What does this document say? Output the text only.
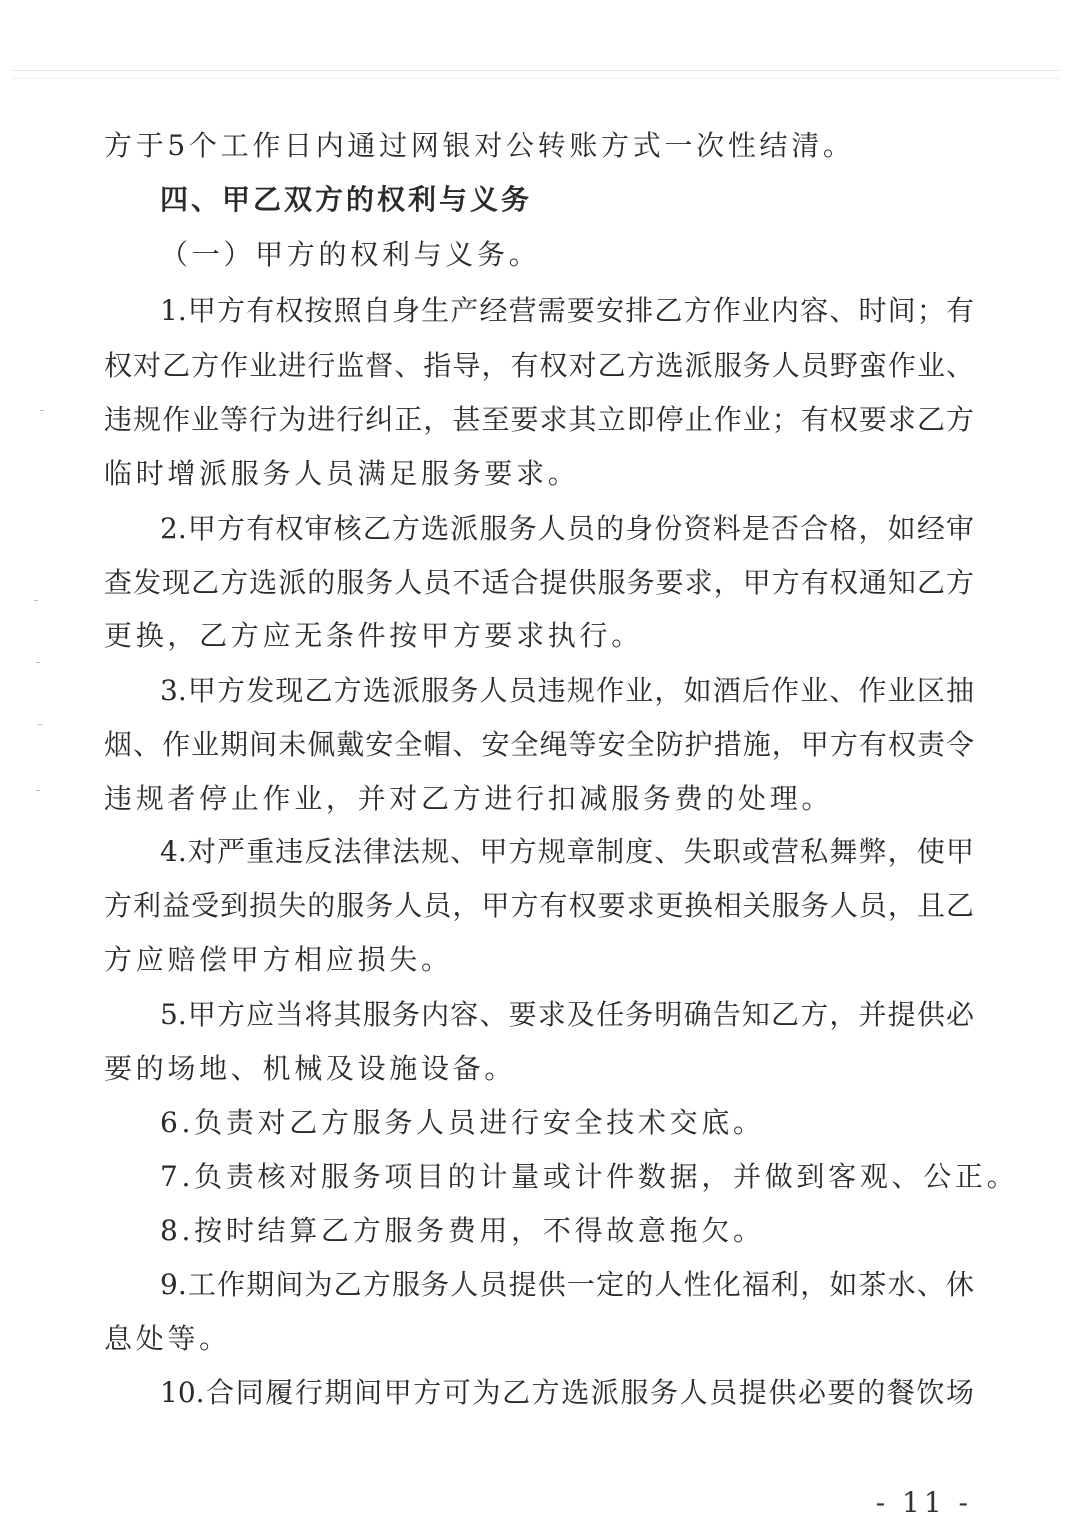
方于5个工作日内通过网银对公转账方式一次性结清。
四、甲乙双方的权利与义务
（一）甲方的权利与义务。
1.甲方有权按照自身生产经营需要安排乙方作业内容、时间；有
权对乙方作业进行监督、指导，有权对乙方选派服务人员野蛮作业、
违规作业等行为进行纠正，甚至要求其立即停止作业；有权要求乙方
临时增派服务人员满足服务要求。
2.甲方有权审核乙方选派服务人员的身份资料是否合格，如经审
查发现乙方选派的服务人员不适合提供服务要求，甲方有权通知乙方
更换，乙方应无条件按甲方要求执行。
3.甲方发现乙方选派服务人员违规作业，如酒后作业、作业区抽
烟、作业期间未佩戴安全帽、安全绳等安全防护措施，甲方有权责令
违规者停止作业，并对乙方进行扣减服务费的处理。
4.对严重违反法律法规、甲方规章制度、失职或营私舞弊，使甲
方利益受到损失的服务人员，甲方有权要求更换相关服务人员，且乙
方应赔偿甲方相应损失。
5.甲方应当将其服务内容、要求及任务明确告知乙方，并提供必
要的场地、机械及设施设备。
6.负责对乙方服务人员进行安全技术交底。
7.负责核对服务项目的计量或计件数据，并做到客观、公正。
8.按时结算乙方服务费用，不得故意拖欠。
9.工作期间为乙方服务人员提供一定的人性化福利，如茶水、休
息处等。
10.合同履行期间甲方可为乙方选派服务人员提供必要的餐饮场
- 11 -
